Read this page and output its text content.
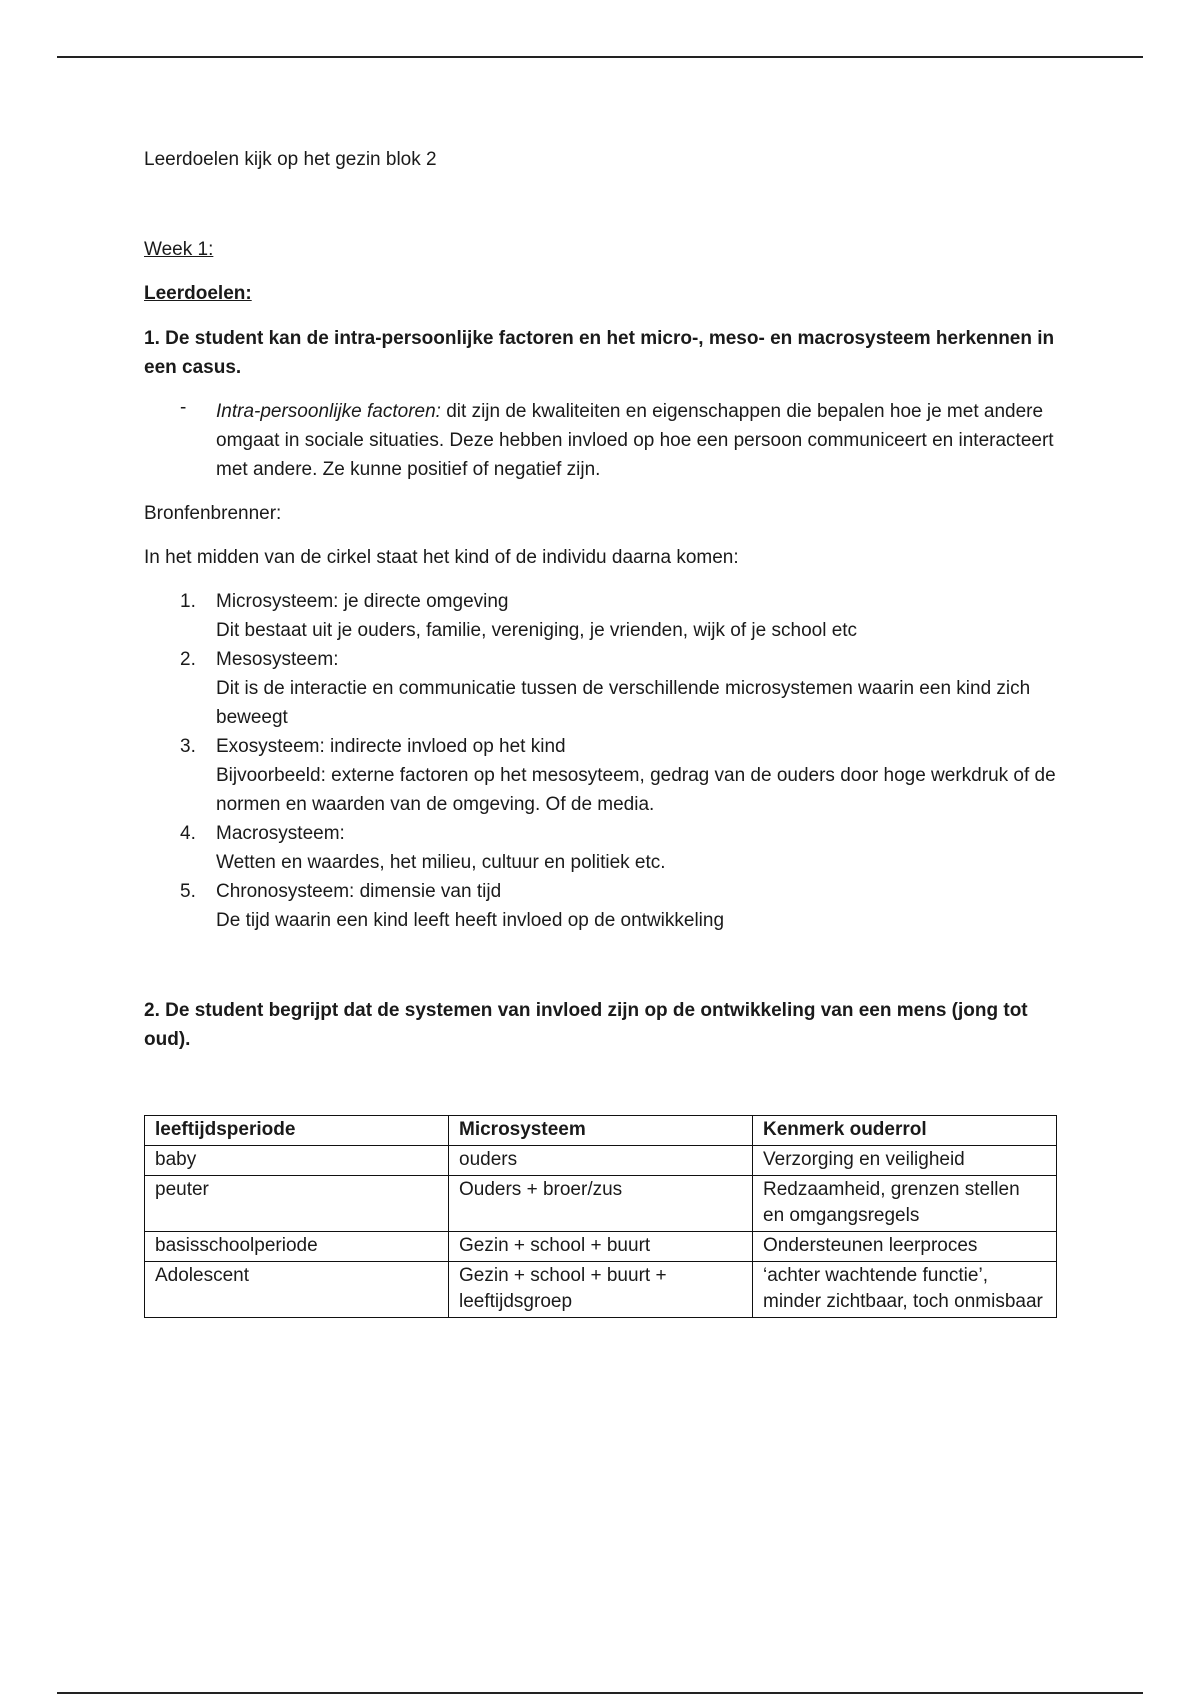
Leerdoelen kijk op het gezin blok 2

Week 1:

Leerdoelen:

1. De student kan de intra-persoonlijke factoren en het micro-, meso- en macrosysteem herkennen in een casus.

-	Intra-persoonlijke factoren: dit zijn de kwaliteiten en eigenschappen die bepalen hoe je met andere omgaat in sociale situaties. Deze hebben invloed op hoe een persoon communiceert en interacteert met andere. Ze kunne positief of negatief zijn.

Bronfenbrenner:

In het midden van de cirkel staat het kind of de individu daarna komen:

1.	Microsysteem: je directe omgeving
Dit bestaat uit je ouders, familie, vereniging, je vrienden, wijk of je school etc
2.	Mesosysteem:
Dit is de interactie en communicatie tussen de verschillende microsystemen waarin een kind zich beweegt
3.	Exosysteem: indirecte invloed op het kind
Bijvoorbeeld: externe factoren op het mesosyteem, gedrag van de ouders door hoge werkdruk of de normen en waarden van de omgeving. Of de media.
4.	Macrosysteem:
Wetten en waardes, het milieu, cultuur en politiek etc.
5.	Chronosysteem: dimensie van tijd
De tijd waarin een kind leeft heeft invloed op de ontwikkeling

2. De student begrijpt dat de systemen van invloed zijn op de ontwikkeling van een mens (jong tot oud).

leeftijdsperiode	Microsysteem	Kenmerk ouderrol
baby	ouders	Verzorging en veiligheid
peuter	Ouders + broer/zus	Redzaamheid, grenzen stellen en omgangsregels
basisschoolperiode	Gezin + school + buurt	Ondersteunen leerproces
Adolescent	Gezin + school + buurt + leeftijdsgroep	‘achter wachtende functie’, minder zichtbaar, toch onmisbaar
